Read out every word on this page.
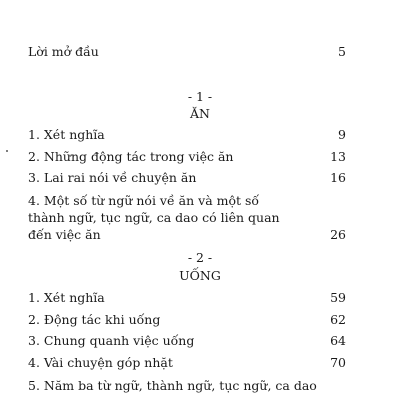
Lời mở đầu	5
- 1 -
ĂN
1. Xét nghĩa	9
2. Những động tác trong việc ăn	13
3. Lai rai nói về chuyện ăn	16
4. Một số từ ngữ nói về ăn và một số thành ngữ, tục ngữ, ca dao có liên quan đến việc ăn	26
- 2 -
UỐNG
1. Xét nghĩa	59
2. Động tác khi uống	62
3. Chung quanh việc uống	64
4. Vài chuyện góp nhặt	70
5. Năm ba từ ngữ, thành ngữ, tục ngữ, ca dao
